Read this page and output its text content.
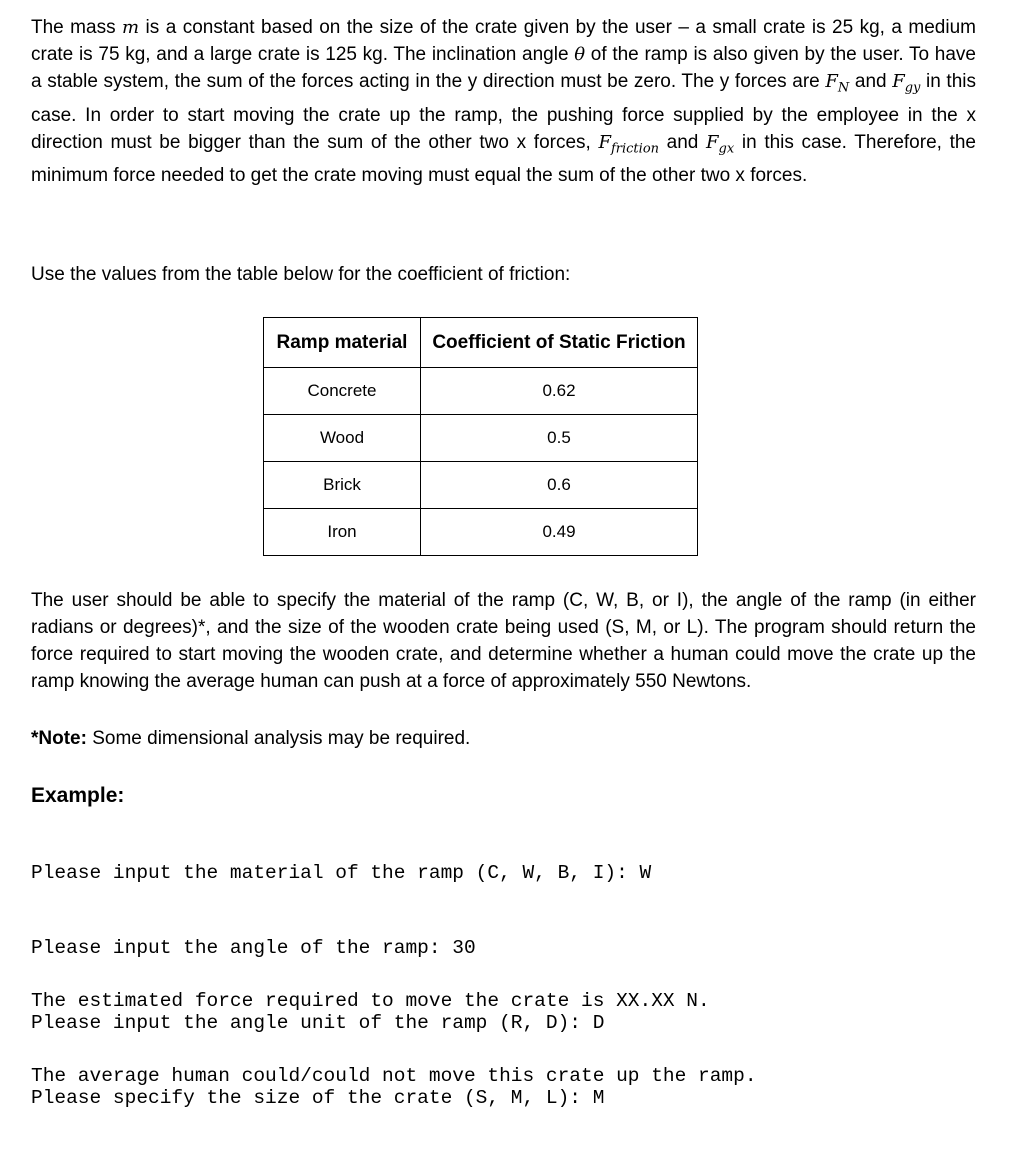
The mass m is a constant based on the size of the crate given by the user – a small crate is 25 kg, a medium crate is 75 kg, and a large crate is 125 kg. The inclination angle θ of the ramp is also given by the user. To have a stable system, the sum of the forces acting in the y direction must be zero. The y forces are $F_N$ and $F_{gy}$ in this case. In order to start moving the crate up the ramp, the pushing force supplied by the employee in the x direction must be bigger than the sum of the other two x forces, $F_{friction}$ and $F_{gx}$ in this case. Therefore, the minimum force needed to get the crate moving must equal the sum of the other two x forces.

Use the values from the table below for the coefficient of friction:

Ramp material	Coefficient of Static Friction
Concrete	0.62
Wood	0.5
Brick	0.6
Iron	0.49

The user should be able to specify the material of the ramp (C, W, B, or I), the angle of the ramp (in either radians or degrees)*, and the size of the wooden crate being used (S, M, or L). The program should return the force required to start moving the wooden crate, and determine whether a human could move the crate up the ramp knowing the average human can push at a force of approximately 550 Newtons.

*Note: Some dimensional analysis may be required.

Example:

Please input the material of the ramp (C, W, B, I): W

Please input the angle of the ramp: 30

Please input the angle unit of the ramp (R, D): D

Please specify the size of the crate (S, M, L): M

The estimated force required to move the crate is XX.XX N.

The average human could/could not move this crate up the ramp.
